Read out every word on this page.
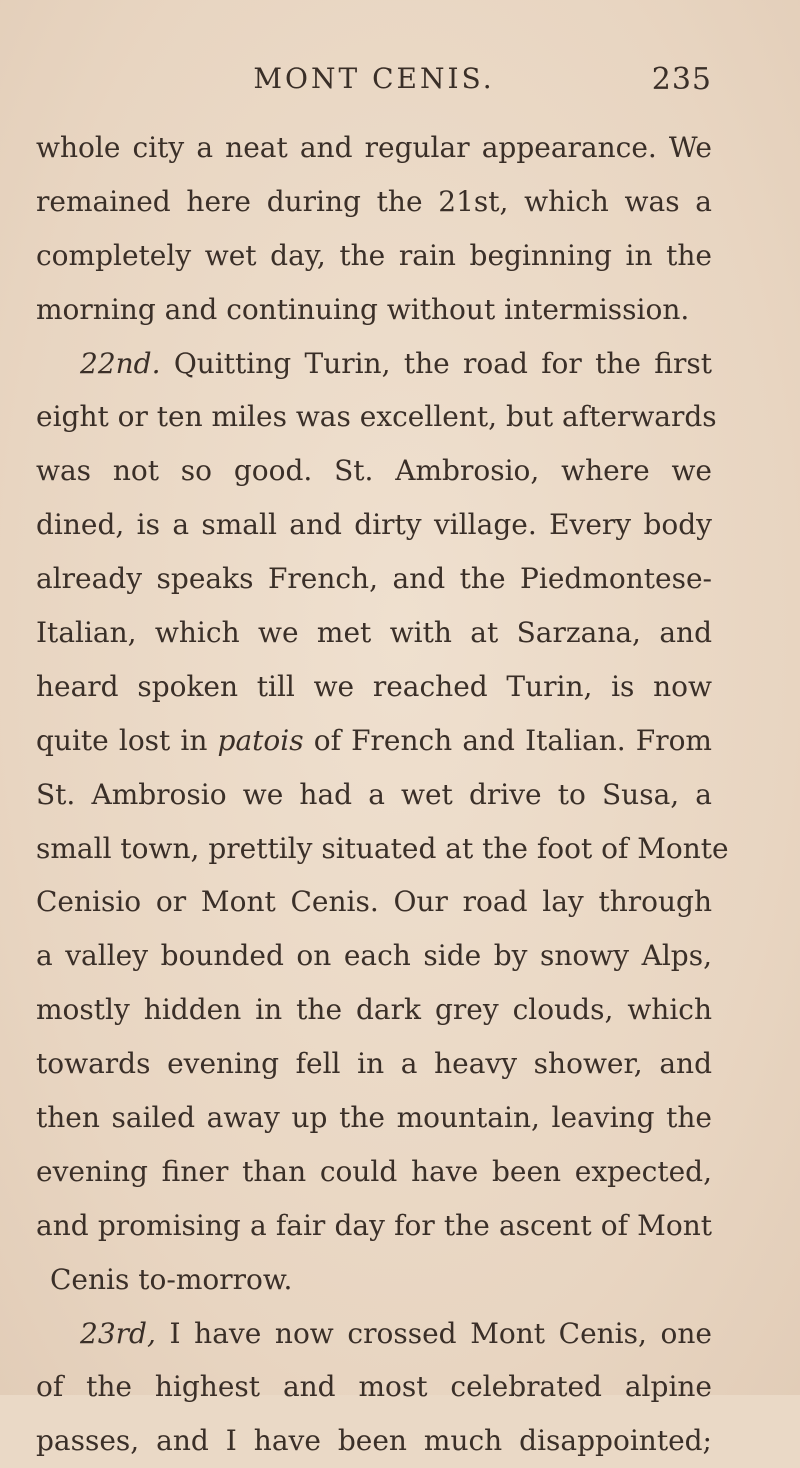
MONT CENIS.	235
whole city a neat and regular appearance. We
remained here during the 21st, which was a
completely wet day, the rain beginning in the
morning and continuing without intermission.
22nd. Quitting Turin, the road for the first
eight or ten miles was excellent, but afterwards
was not so good. St. Ambrosio, where we
dined, is a small and dirty village. Every body
already speaks French, and the Piedmontese-
Italian, which we met with at Sarzana, and
heard spoken till we reached Turin, is now
quite lost in patois of French and Italian. From
St. Ambrosio we had a wet drive to Susa, a
small town, prettily situated at the foot of Monte
Cenisio or Mont Cenis. Our road lay through
a valley bounded on each side by snowy Alps,
mostly hidden in the dark grey clouds, which
towards evening fell in a heavy shower, and
then sailed away up the mountain, leaving the
evening finer than could have been expected,
and promising a fair day for the ascent of Mont
Cenis to-morrow.
23rd, I have now crossed Mont Cenis, one
of the highest and most celebrated alpine
passes, and I have been much disappointed;
